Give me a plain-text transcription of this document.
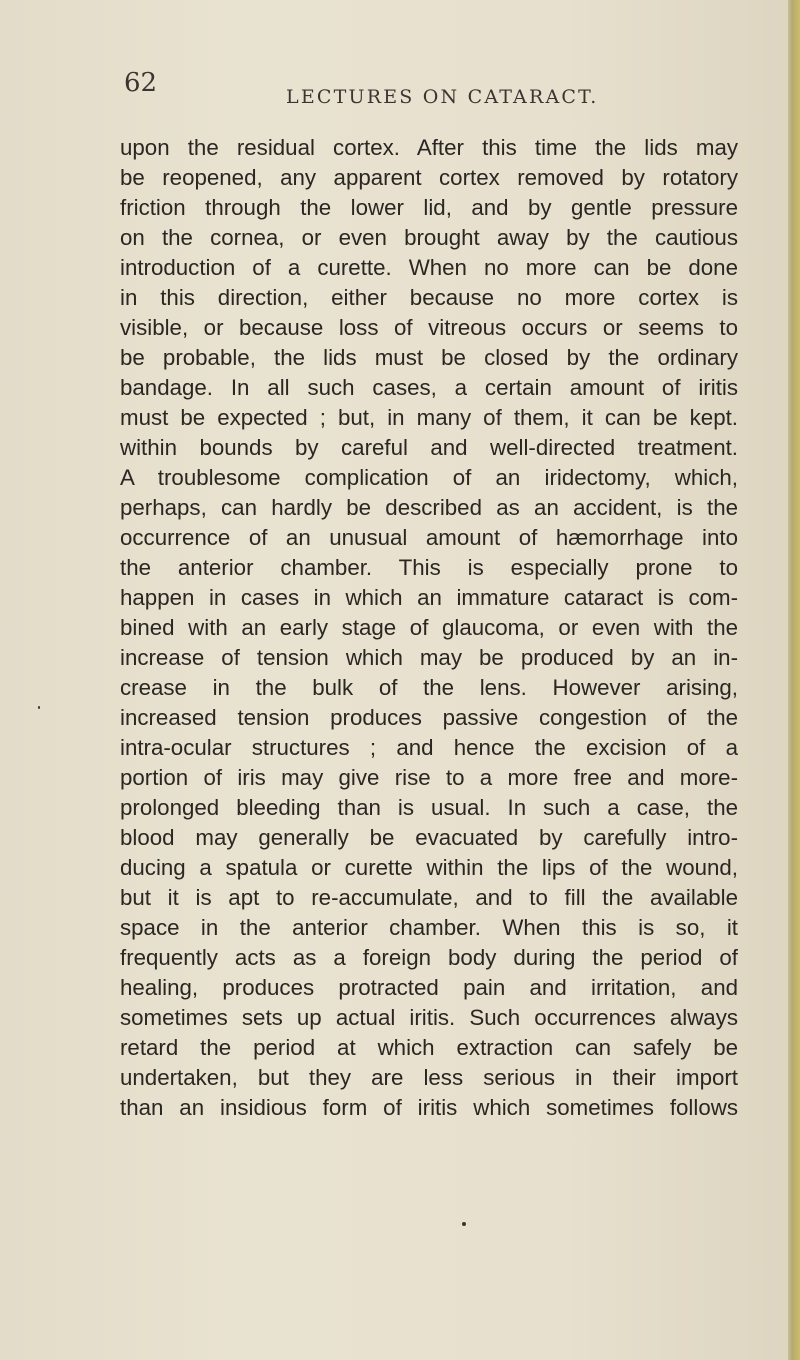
62	LECTURES ON CATARACT.
upon the residual cortex. After this time the lids may
be reopened, any apparent cortex removed by rotatory
friction through the lower lid, and by gentle pressure
on the cornea, or even brought away by the cautious
introduction of a curette. When no more can be done
in this direction, either because no more cortex is
visible, or because loss of vitreous occurs or seems to
be probable, the lids must be closed by the ordinary
bandage. In all such cases, a certain amount of iritis
must be expected ; but, in many of them, it can be kept.
within bounds by careful and well-directed treatment.
A troublesome complication of an iridectomy, which,
perhaps, can hardly be described as an accident, is the
occurrence of an unusual amount of hæmorrhage into
the anterior chamber. This is especially prone to
happen in cases in which an immature cataract is com-
bined with an early stage of glaucoma, or even with the
increase of tension which may be produced by an in-
crease in the bulk of the lens. However arising,
increased tension produces passive congestion of the
intra-ocular structures ; and hence the excision of a
portion of iris may give rise to a more free and more-
prolonged bleeding than is usual. In such a case, the
blood may generally be evacuated by carefully intro-
ducing a spatula or curette within the lips of the wound,
but it is apt to re-accumulate, and to fill the available
space in the anterior chamber. When this is so, it
frequently acts as a foreign body during the period of
healing, produces protracted pain and irritation, and
sometimes sets up actual iritis. Such occurrences always
retard the period at which extraction can safely be
undertaken, but they are less serious in their import
than an insidious form of iritis which sometimes follows
